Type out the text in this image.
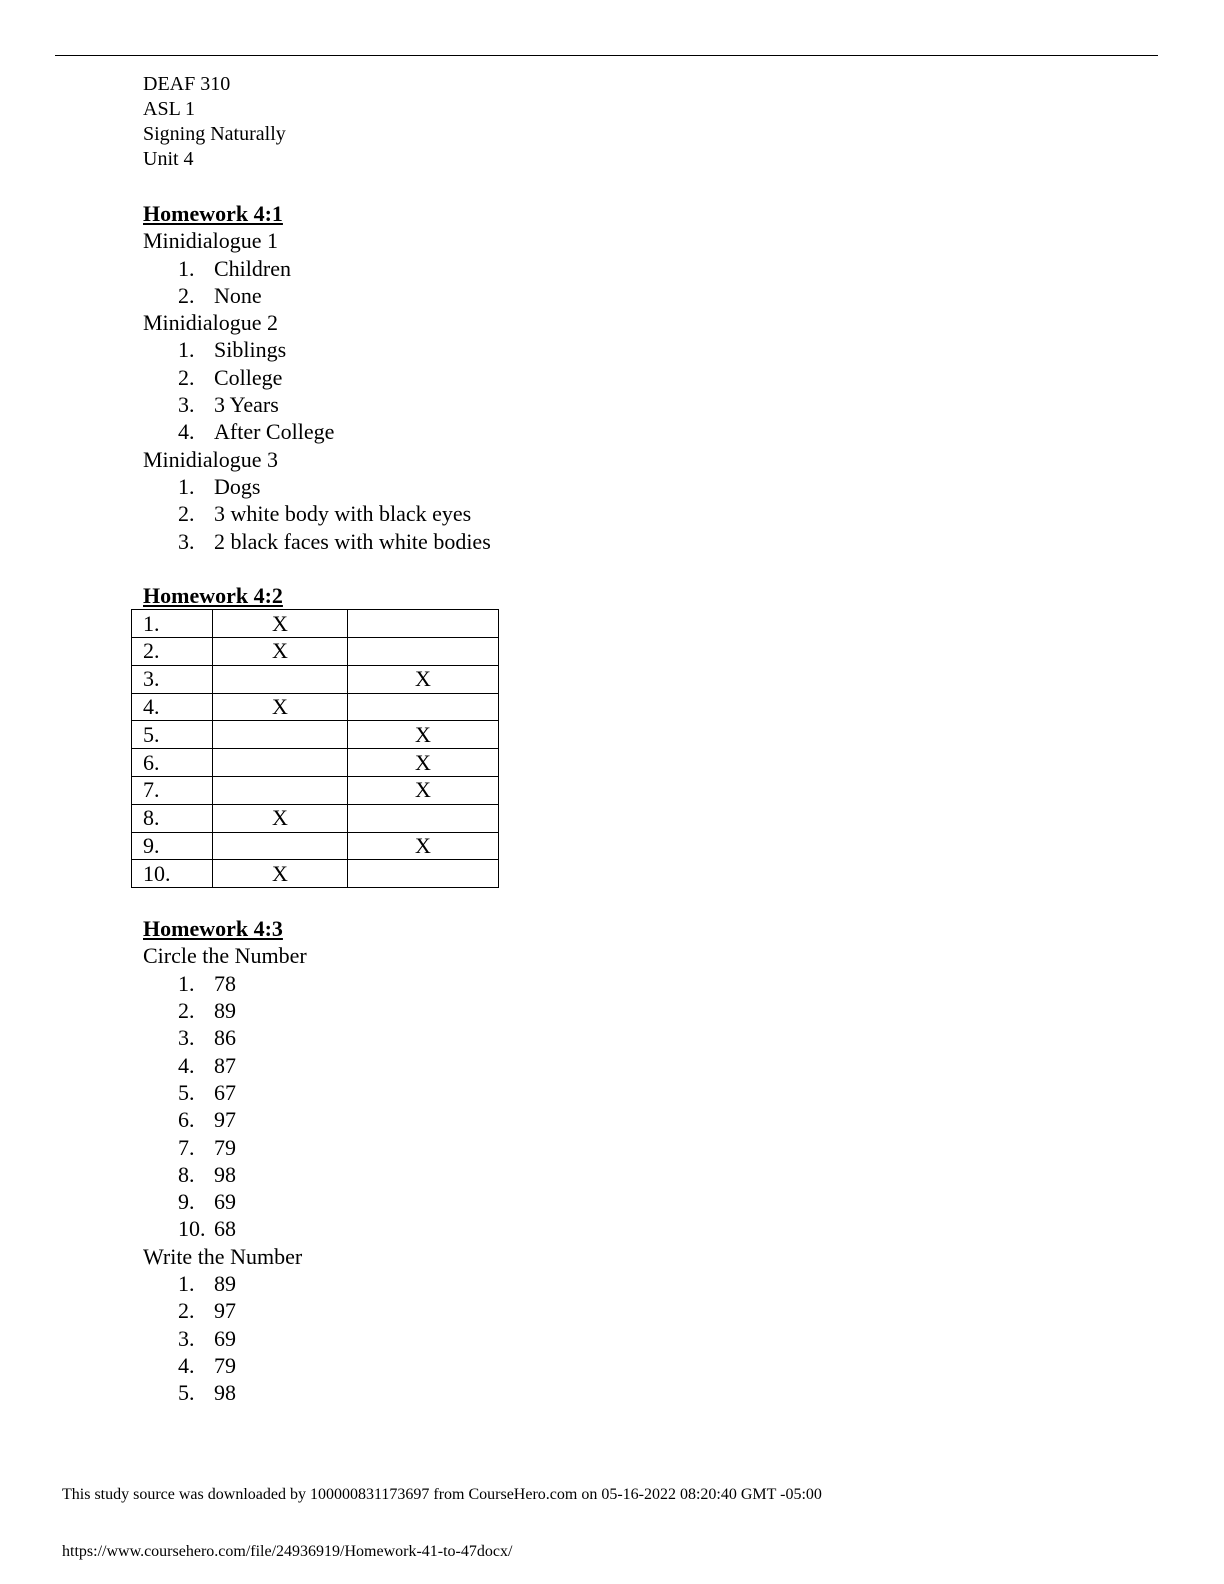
DEAF 310
ASL 1
Signing Naturally
Unit 4
Homework 4:1
Minidialogue 1
1. Children
2. None
Minidialogue 2
1. Siblings
2. College
3. 3 Years
4. After College
Minidialogue 3
1. Dogs
2. 3 white body with black eyes
3. 2 black faces with white bodies
Homework 4:2
1.	X	
2.	X	
3.		X
4.	X	
5.		X
6.		X
7.		X
8.	X	
9.		X
10.	X	
Homework 4:3
Circle the Number
1. 78
2. 89
3. 86
4. 87
5. 67
6. 97
7. 79
8. 98
9. 69
10. 68
Write the Number
1. 89
2. 97
3. 69
4. 79
5. 98
This study source was downloaded by 100000831173697 from CourseHero.com on 05-16-2022 08:20:40 GMT -05:00
https://www.coursehero.com/file/24936919/Homework-41-to-47docx/
